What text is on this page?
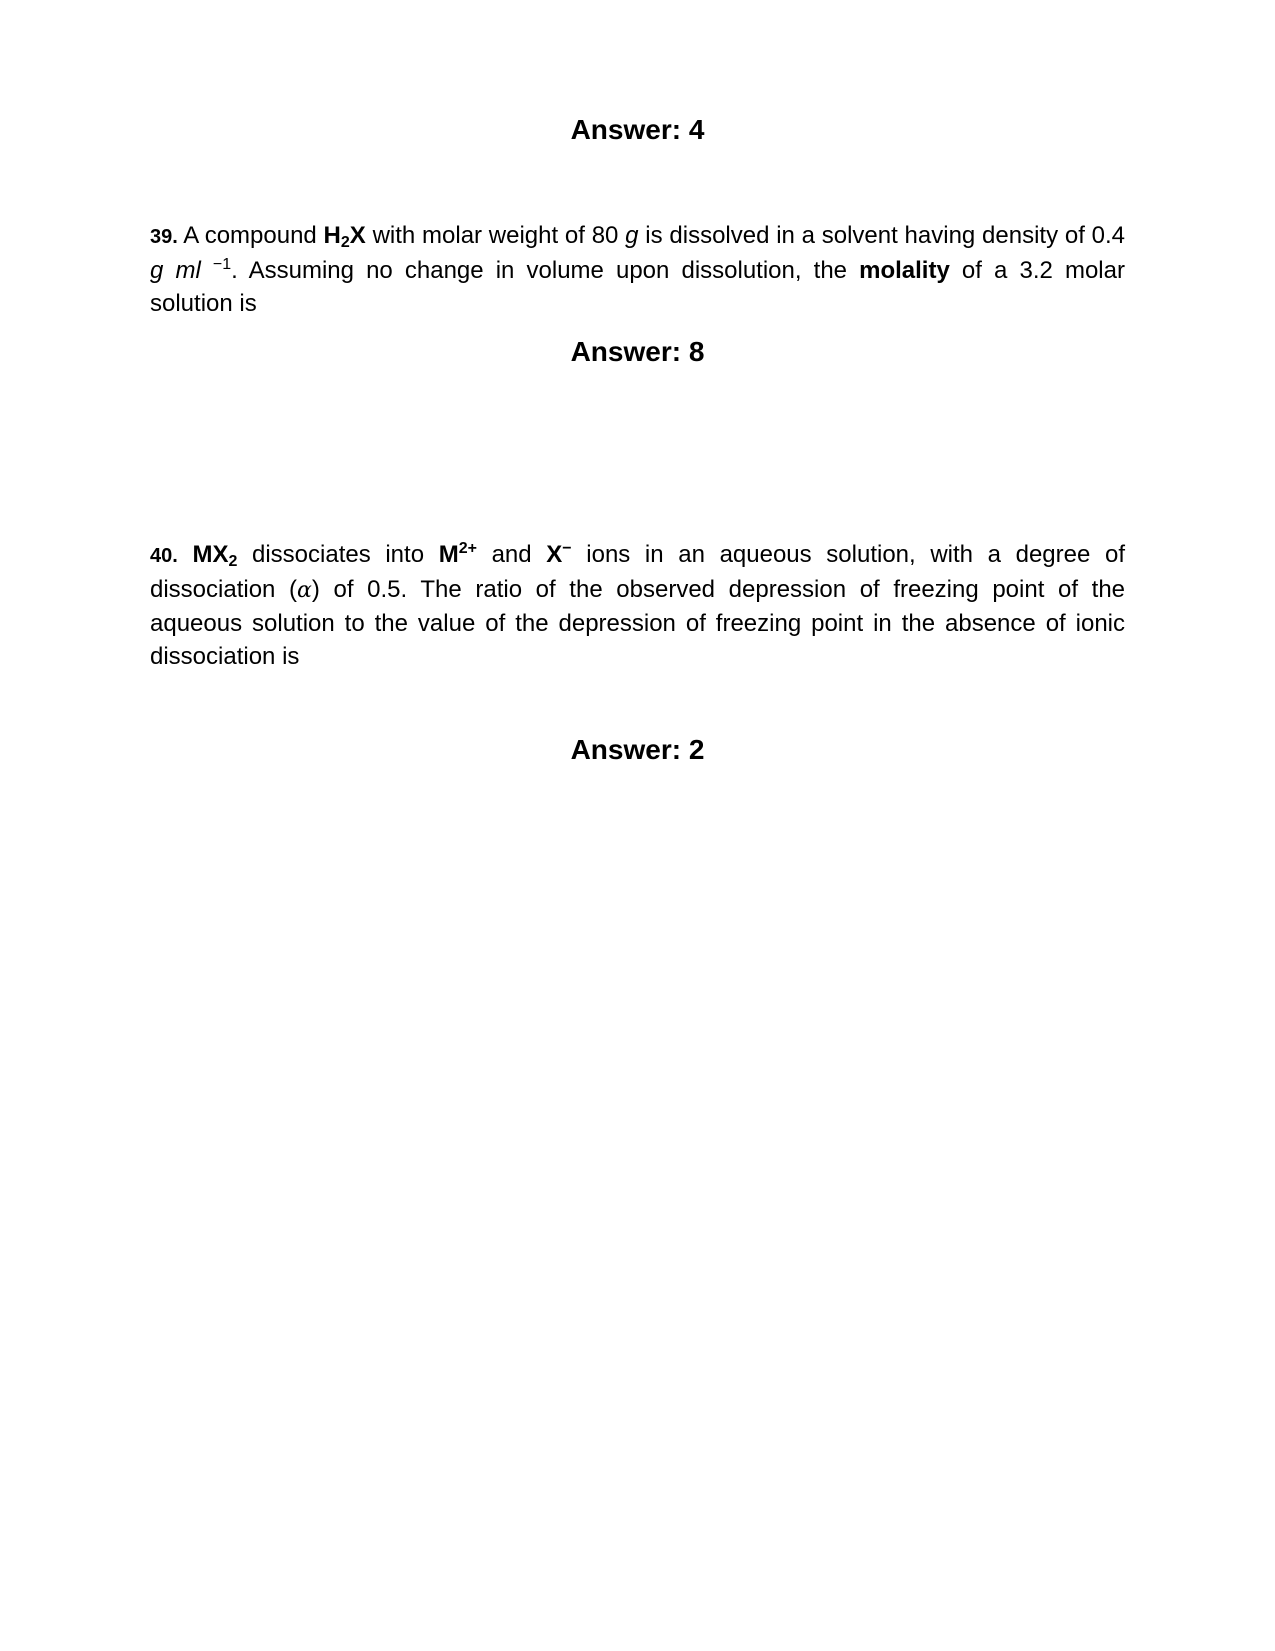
Answer: 4

39. A compound $H_2X$ with molar weight of 80 g is dissolved in a solvent having density of 0.4 g ml $^{-1}$. Assuming no change in volume upon dissolution, the molality of a 3.2 molar solution is

Answer: 8

40. $MX_2$ dissociates into $M^{2+}$ and X− ions in an aqueous solution, with a degree of dissociation (α) of 0.5. The ratio of the observed depression of freezing point of the aqueous solution to the value of the depression of freezing point in the absence of ionic dissociation is

Answer: 2
